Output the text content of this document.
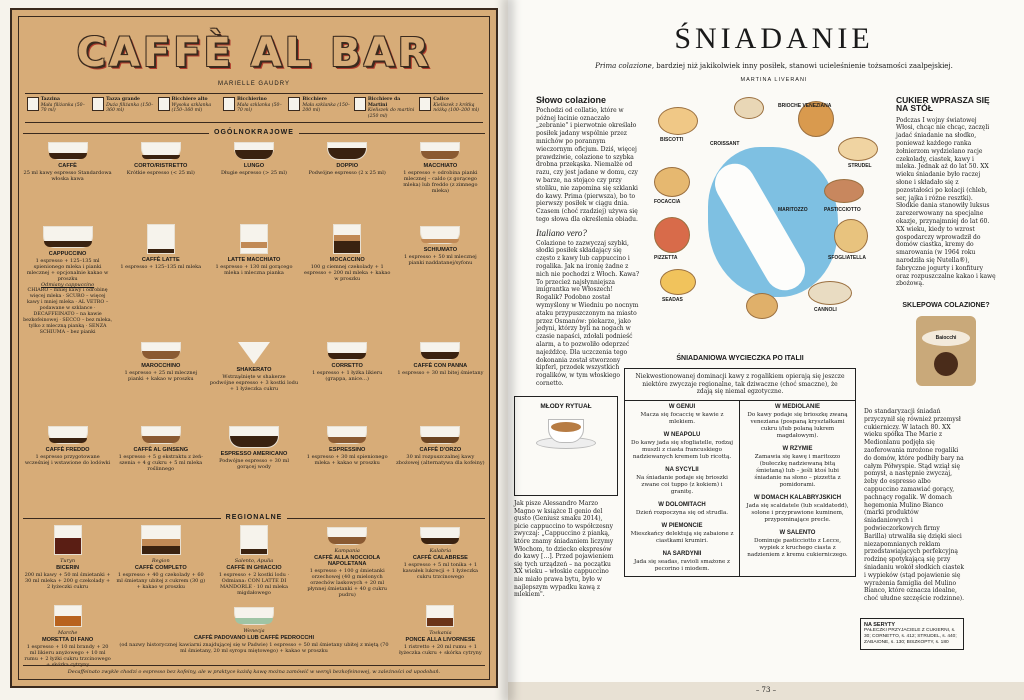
CAFFÈ AL BAR
MARIELLE GAUDRY
Tazzina
Mała filiżanka (50–70 ml)
Tazza grande
Duża filiżanka (150–360 ml)
Bicchiere alto
Wysoka szklanka (150–360 ml)
Bicchierino
Mała szklanka (50–70 ml)
Bicchiere
Mała szklanka (150–200 ml)
Bicchiere da Martini
Kieliszek do martini (250 ml)
Calice
Kieliszek z krótką nóżką (100–200 ml)
OGÓLNOKRAJOWE
CAFFÈ
25 ml kawy espresso Standardowa włoska kawa
CORTO/RISTRETTO
Krótkie espresso (< 25 ml)
LUNGO
Długie espresso (> 25 ml)
DOPPIO
Podwójne espresso (2 x 25 ml)
MACCHIATO
1 espresso + odrobina pianki mlecznej – caldo (z gorącego mleka) lub freddo (z zimnego mleka)
CAPPUCCINO
1 espresso + 125–135 ml spienionego mleka i pianki mlecznej + opcjonalnie kakao w proszku
Odmiany cappuccino
CHIARO – mniej kawy i odrobinę więcej mleka · SCURO – więcej kawy i mniej mleka · AL VETRO – podawane w szklance · DECAFFEINATO – na kawie bezkofeinowej · SECCO – bez mleka, tylko z mleczną pianką · SENZA SCHIUMA – bez pianki
CAFFÈ LATTE
1 espresso + 125–135 ml mleka
LATTE MACCHIATO
1 espresso + 130 ml gorącego mleka i mleczna pianka
MOCACCINO
100 g ciemnej czekolady + 1 espresso + 200 ml mleka + kakao w proszku
SCHIUMATO
1 espresso + 50 ml mlecznej pianki naddatanej/syfonu
MAROCCHINO
1 espresso + 25 ml mlecznej pianki + kakao w proszku
SHAKERATO
Wstrząśnięte w shakerze podwójne espresso + 3 kostki lodu + 1 łyżeczka cukru
CORRETTO
1 espresso + 1 łyżka likieru (grappa, anice…)
CAFFÈ CON PANNA
1 espresso + 30 ml bitej śmietany
CAFFÈ FREDDO
1 espresso przygotowane wcześniej i wstawione do lodówki
CAFFÈ AL GINSENG
1 espresso + 5 g ekstraktu z żeń-szenia + 4 g cukru + 5 ml mleka roślinnego
ESPRESSO AMERICANO
Podwójne espresso + 30 ml gorącej wody
ESPRESSINO
1 espresso + 30 ml spienionego mleka + kakao w proszku
CAFFÈ D'ORZO
30 ml rozpuszczalnej kawy zbożowej (alternatywa dla kofeiny)
REGIONALNE
Turyn
BICERIN
200 ml kawy + 50 ml śmietanki + 30 ml mleka + 200 g czekolady + 2 łyżeczki cukru
Region
CAFFÈ COMPLETO
1 espresso + 40 g czekolady + 60 ml śmietany ubitej z cukrem (30 g) + kakao w proszku
Salento, Apulia
CAFFÈ IN GHIACCIO
1 espresso + 2 kostki lodu · Odmiana: CON LATTE DI MANDORLE · 10 ml mleka migdałowego
Kampania
CAFFÈ ALLA NOCCIOLA NAPOLETANA
1 espresso + 100 g śmietanki orzechowej (40 g mielonych orzechów laskowych + 20 ml płynnej śmietanki + 40 g cukru pudru)
Kalabria
CAFFÈ CALABRESE
1 espresso + 5 ml tonika + 1 kawałek lukrecji + 1 łyżeczka cukru trzcinowego
Marche
MORETTA DI FANO
1 espresso + 10 ml brandy + 20 ml likieru anyżowego + 10 ml rumu + 2 łyżki cukru trzcinowego + skórka cytryny
Wenecja
CAFFÈ PADOVANO LUB CAFFÈ PEDROCCHI
(od nazwy historycznej kawiarni znajdującej się w Padwie) 1 espresso + 50 ml śmietany ubitej z miętą (70 ml śmietany, 20 ml syropu miętowego) + kakao w proszku
Toskania
PONCE ALLA LIVORNESE
1 ristretto + 20 ml rumu + 1 łyżeczka cukru + skórka cytryny
Decaffeinato zwykle chodzi o espresso bez kofeiny, ale w praktyce każdą kawę można zamówić w wersji bezkofeinowej, w zależności od upodobań.
ŚNIADANIE
Prima colazione, bardziej niż jakikolwiek inny posiłek, stanowi ucieleśnienie tożsamości zaalpejskiej.
MARTINA LIVERANI
Słowo colazione

Pochodzi od collatio, które w późnej łacinie oznaczało „zebranie" i pierwotnie określało posiłek jadany wspólnie przez mnichów po porannym wieczornym oficjum. Dziś, więcej prawdziwie, colazione to szybka drobna przekąska. Niemalże od razu, czy jest jadane w domu, czy w barze, na stojąco czy przy stoliku, nie zapomina się szklanki do kawy. Prima (pierwsza), bo to pierwszy posiłek w ciągu dnia. Czasem (choć rzadziej) używa się tego słowa dla określenia obiadu.

Italiano vero?

Colazione to zazwyczaj szybki, słodki posiłek składający się często z kawy lub cappuccino i rogalika. Jak na ironię żadne z nich nie pochodzi z Włoch. Kawa? To przecież najsłynniejsza imigrantka we Włoszech! Rogalik? Podobno został wymyślony w Wiedniu po nocnym ataku przypuszczonym na miasto przez Osmanów: piekarze, jako jedyni, którzy byli na nogach w czasie napaści, zdołali podnieść alarm, a to pozwoliło odeprzeć najeźdźcę. Dla uczczenia tego dokonania został stworzony kipferl, przodek wszystkich rogalików, w tym włoskiego cornetto.

BRIOCHE VENEZIANA
CROISSANT
BISCOTTI
STRUDEL
FOCACCIA
MARITOZZO
PIZZETTA	SFOGLIATELLA
SEADAS
PASTICCIOTTO
CANNOLI
CUKIER WPRASZA SIĘ NA STÓŁ

Podczas I wojny światowej Włosi, chcąc nie chcąc, zaczęli jadać śniadanie na słodko, ponieważ każdego ranka żołnierzom wydzielano racje czekolady, ciastek, kawy i mleka. Jednak aż do lat 50. XX wieku śniadanie było raczej słone i składało się z pozostałości po kolacji (chleb, ser, jajka i różne resztki). Słodkie dania stanowiły luksus zarezerwowany na specjalne okazje, przynajmniej do lat 60. XX wieku, kiedy to wzrost gospodarczy wprowadził do domów ciastka, kremy do smarowania (w 1964 roku narodziła się Nutella®), fabryczne jogurty i konfitury oraz rozpuszczalne kakao i kawę zbożową.

SKLEPOWA COLAZIONE?
Baiocchi
MŁODY RYTUAŁ

Jak pisze Alessandro Marzo Magno w książce Il genio del gusto (Geniusz smaku 2014), picie cappuccino to współczesny zwyczaj: „Cappuccino z pianką, które znamy śniadaniem liczymy Włochom, to dziecko ekspresów do kawy […]. Przed pojawieniem się tych urządzeń – na początku XX wieku – włoskie cappuccino nie miało prawa bytu, było w najlepszym wypadku kawą z mlekiem".

ŚNIADANIOWA WYCIECZKA PO ITALII
Niekwestionowanej dominacji kawy z rogalikiem opierają się jeszcze niektóre zwyczaje regionalne, tak dziwaczne (choć smaczne), że zdają się niemal egzotyczne.
W GENUI
Macza się focaccię w kawie z mlekiem.
W NEAPOLU
Do kawy jada się sfogliatelle, rodzaj muszli z ciasta francuskiego nadziewanych kremem lub ricottą.
NA SYCYLII
Na śniadanie podaje się brioszki zwane coi tuppo (z kokiem) i granitę.
W DOLOMITACH
Dzień rozpoczyna się od strudla.
W PIEMONCIE
Mieszkańcy delektują się zabaione z ciastkami krumiri.
NA SARDYNII
Jada się seadas, ravioli smażone z pecorino i miodem.
W MEDIOLANIE
Do kawy podaje się brioszkę zwaną veneziana (pospaną kryształkami cukru i/lub polaną lukrem magdałowym).
W RZYMIE
Zamawia się kawę i maritozzo (bułeczkę nadziewaną bitą śmietaną) lub – jeśli ktoś lubi śniadanie na słono – pizzetta z pomidorami.
W DOMACH KALABRYJSKICH
Jada się scaldatele (lub scaldatedd), solone i przyprawione kuminem, przypominające precle.
W SALENTO
Dominuje pasticciotto z Lecce, wypiek z kruchego ciasta z nadzieniem z kremu cukierniczego.
Do standaryzacji śniadań przyczynił się również przemysł cukierniczy. W latach 80. XX wieku spółka The Marie z Medionlanu podjęła się zaoferowania mrożone rogaliki do domów, które podbiły bary na całym Półwyspie. Stąd wziął się pomysł, a następnie zwyczaj, żeby do espresso albo cappuccino zamawiać gorący, pachnący rogalik. W domach hegemonia Mulino Bianco (marki produktów śniadaniowych i podwieczorkowych firmy Barilla) utrwaliła się dzięki sieci niezapomnianych reklam przedstawiających perfekcyjną rodzinę spotykającą się przy śniadaniu wokół słodkich ciastek i wypieków (stąd pojawienie się wyrażenia famiglia del Mulino Bianco, które oznacza idealne, choć ułudne szczęście rodzinne).
NA SERYTY
PAŁECZKI PRZYJACIELE Z CUKIERNI, s. 30; CORNETTO, s. 412; STRUDEL, s. 440; ZABAIONE, s. 130; BISZKOPTY, s. 180
– 73 –
